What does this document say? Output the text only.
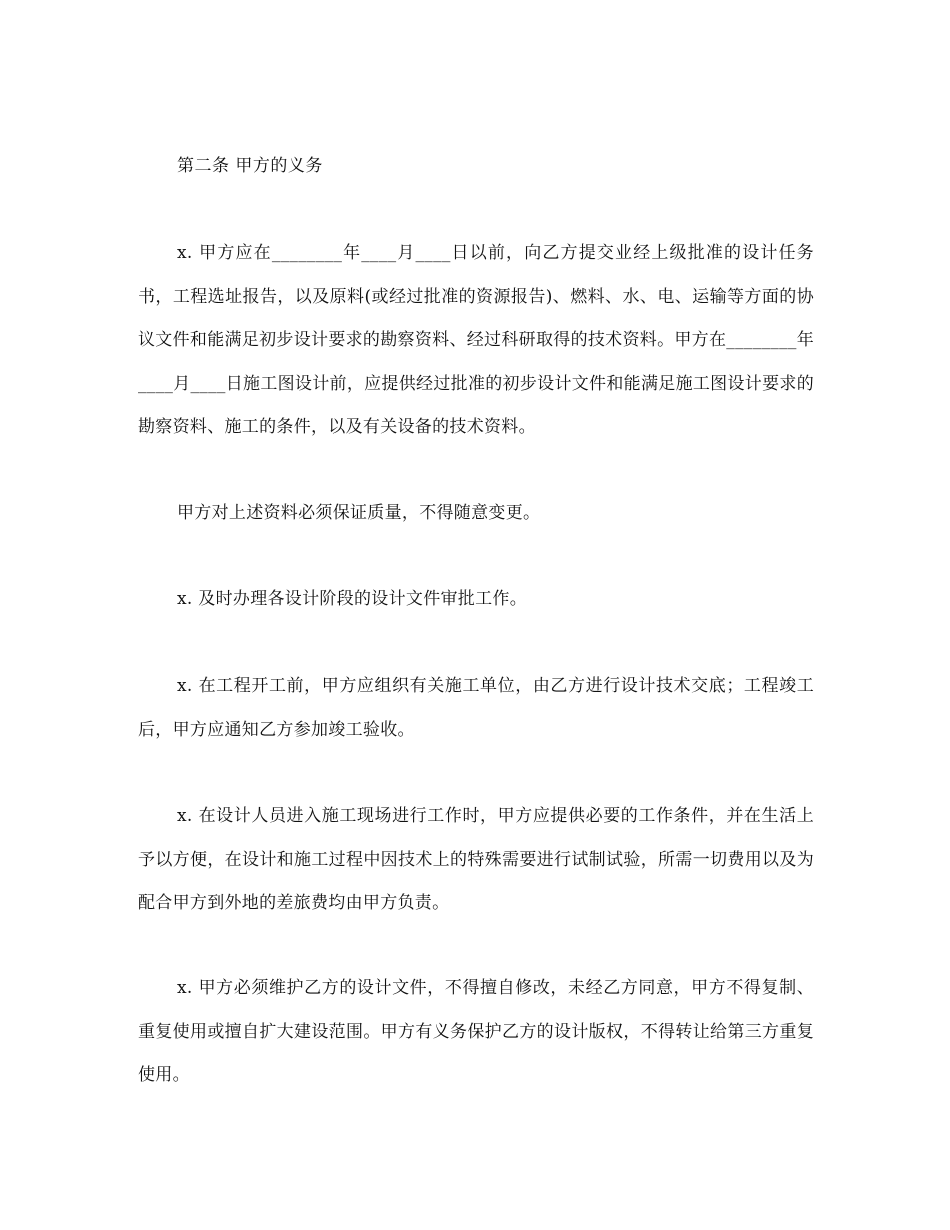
第二条 甲方的义务

x. 甲方应在________年____月____日以前，向乙方提交业经上级批准的设计任务书，工程选址报告，以及原料(或经过批准的资源报告)、燃料、水、电、运输等方面的协议文件和能满足初步设计要求的勘察资料、经过科研取得的技术资料。甲方在________年____月____日施工图设计前，应提供经过批准的初步设计文件和能满足施工图设计要求的勘察资料、施工的条件，以及有关设备的技术资料。

甲方对上述资料必须保证质量，不得随意变更。

x. 及时办理各设计阶段的设计文件审批工作。

x. 在工程开工前，甲方应组织有关施工单位，由乙方进行设计技术交底；工程竣工后，甲方应通知乙方参加竣工验收。

x. 在设计人员进入施工现场进行工作时，甲方应提供必要的工作条件，并在生活上予以方便，在设计和施工过程中因技术上的特殊需要进行试制试验，所需一切费用以及为配合甲方到外地的差旅费均由甲方负责。

x. 甲方必须维护乙方的设计文件，不得擅自修改，未经乙方同意，甲方不得复制、重复使用或擅自扩大建设范围。甲方有义务保护乙方的设计版权，不得转让给第三方重复使用。
